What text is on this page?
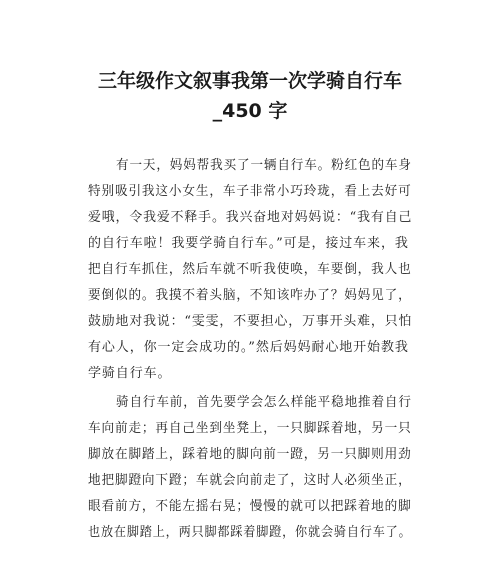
三年级作文叙事我第一次学骑自行车
_450 字
有一天，妈妈帮我买了一辆自行车。粉红色的车身
特别吸引我这小女生，车子非常小巧玲珑，看上去好可
爱哦，令我爱不释手。我兴奋地对妈妈说：“我有自己
的自行车啦！我要学骑自行车。”可是，接过车来，我
把自行车抓住，然后车就不听我使唤，车要倒，我人也
要倒似的。我摸不着头脑，不知该咋办了？妈妈见了，
鼓励地对我说：“雯雯，不要担心，万事开头难，只怕
有心人，你一定会成功的。”然后妈妈耐心地开始教我
学骑自行车。
骑自行车前，首先要学会怎么样能平稳地推着自行
车向前走；再自己坐到坐凳上，一只脚踩着地，另一只
脚放在脚踏上，踩着地的脚向前一蹬，另一只脚则用劲
地把脚蹬向下蹬；车就会向前走了，这时人必须坐正，
眼看前方，不能左摇右晃；慢慢的就可以把踩着地的脚
也放在脚踏上，两只脚都踩着脚蹬，你就会骑自行车了。
